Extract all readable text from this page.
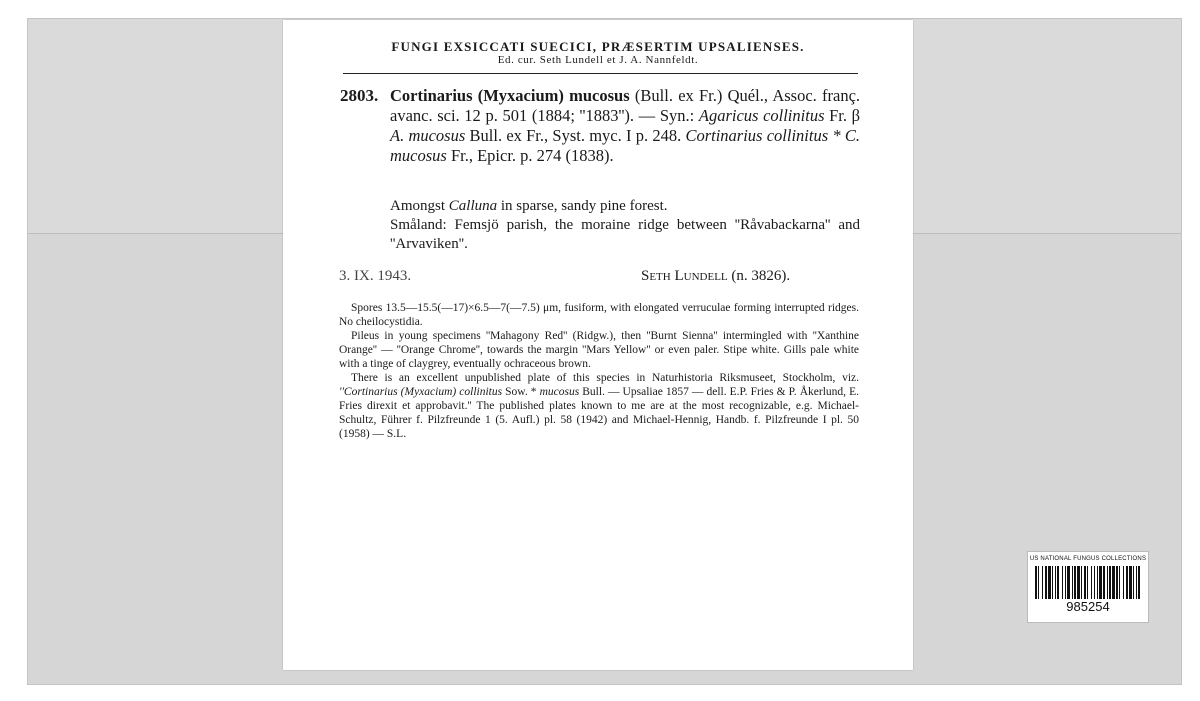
FUNGI EXSICCATI SUECICI, PRÆSERTIM UPSALIENSES.
Ed. cur. Seth Lundell et J. A. Nannfeldt.
2803. Cortinarius (Myxacium) mucosus (Bull. ex Fr.) Quél., Assoc. franç. avanc. sci. 12 p. 501 (1884; ''1883''). — Syn.: Agaricus collinitus Fr. β A. mucosus Bull. ex Fr., Syst. myc. I p. 248. Cortinarius collinitus * C. mucosus Fr., Epicr. p. 274 (1838).
Amongst Calluna in sparse, sandy pine forest.
Småland: Femsjö parish, the moraine ridge between ''Råvabackarna'' and ''Arvaviken''.
3. IX. 1943.	Seth Lundell (n. 3826).

Spores 13.5—15.5(—17)×6.5—7(—7.5) μm, fusiform, with elongated verruculae forming interrupted ridges. No cheilocystidia.

Pileus in young specimens ''Mahagony Red'' (Ridgw.), then ''Burnt Sienna'' intermingled with ''Xanthine Orange'' — ''Orange Chrome'', towards the margin ''Mars Yellow'' or even paler. Stipe white. Gills pale white with a tinge of claygrey, eventually ochraceous brown.

There is an excellent unpublished plate of this species in Naturhistoria Riksmuseet, Stockholm, viz. ''Cortinarius (Myxacium) collinitus Sow. * mucosus Bull. — Upsaliae 1857 — dell. E.P. Fries & P. Åkerlund, E. Fries direxit et approbavit.'' The published plates known to me are at the most recognizable, e.g. Michael-Schultz, Führer f. Pilzfreunde 1 (5. Aufl.) pl. 58 (1942) and Michael-Hennig, Handb. f. Pilzfreunde I pl. 50 (1958) — S.L.

US NATIONAL FUNGUS COLLECTIONS
985254
